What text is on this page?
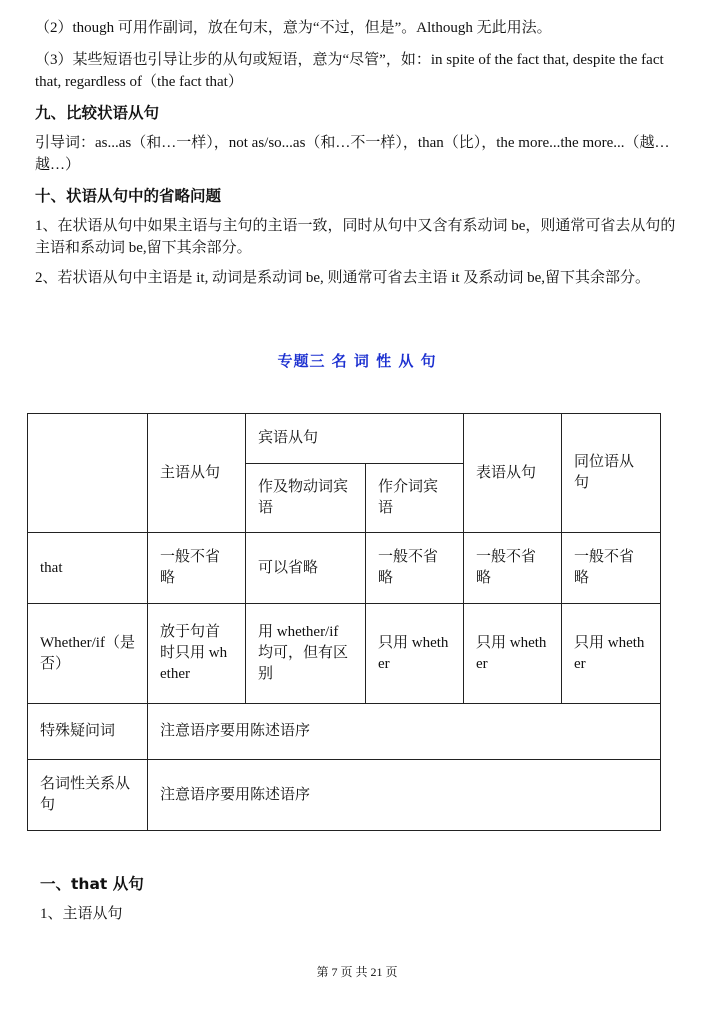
（2）though 可用作副词，放在句末，意为“不过，但是”。Although 无此用法。

（3）某些短语也引导让步的从句或短语，意为“尽管”，如：in spite of the fact that, despite the fact that, regardless of（the fact that）

九、比较状语从句

引导词：as...as（和…一样），not as/so...as（和…不一样），than（比），the more...the more...（越…越…）

十、状语从句中的省略问题

1、在状语从句中如果主语与主句的主语一致，同时从句中又含有系动词 be，则通常可省去从句的主语和系动词 be,留下其余部分。

2、若状语从句中主语是 it, 动词是系动词 be, 则通常可省去主语 it 及系动词 be,留下其余部分。

专题三 名 词 性 从 句

	主语从句	宾语从句		表语从句	同位语从句
		作及物动词宾语	作介词宾语		
that	一般不省略	可以省略	一般不省略	一般不省略	一般不省略
Whether/if（是否）	放于句首时只用 whether	用 whether/if 均可，但有区别	只用 whether	只用 whether	只用 whether
特殊疑问词	注意语序要用陈述语序				
名词性关系从句	注意语序要用陈述语序				

一、that 从句

1、主语从句

第 7 页 共 21 页
